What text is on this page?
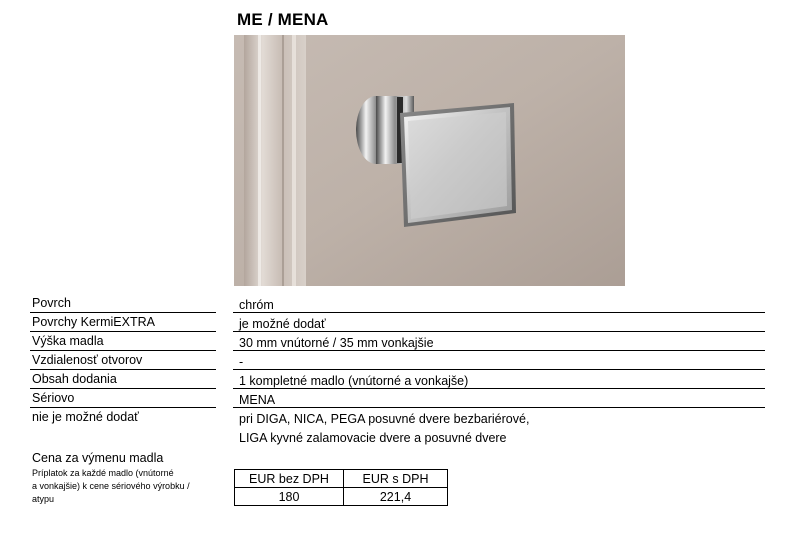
ME / MENA
Povrch	chróm
Povrchy KermiEXTRA	je možné dodať
Výška madla	30 mm vnútorné / 35 mm vonkajšie
Vzdialenosť otvorov	-
Obsah dodania	1 kompletné madlo (vnútorné a vonkajše)
Sériovo	MENA
nie je možné dodať	pri DIGA, NICA, PEGA posuvné dvere bezbariérové,
LIGA kyvné zalamovacie dvere a posuvné dvere
Cena za výmenu madla
Príplatok za každé madlo (vnútorné
a vonkajšie) k cene sériového výrobku /
atypu
EUR bez DPH	EUR s DPH
180	221,4
